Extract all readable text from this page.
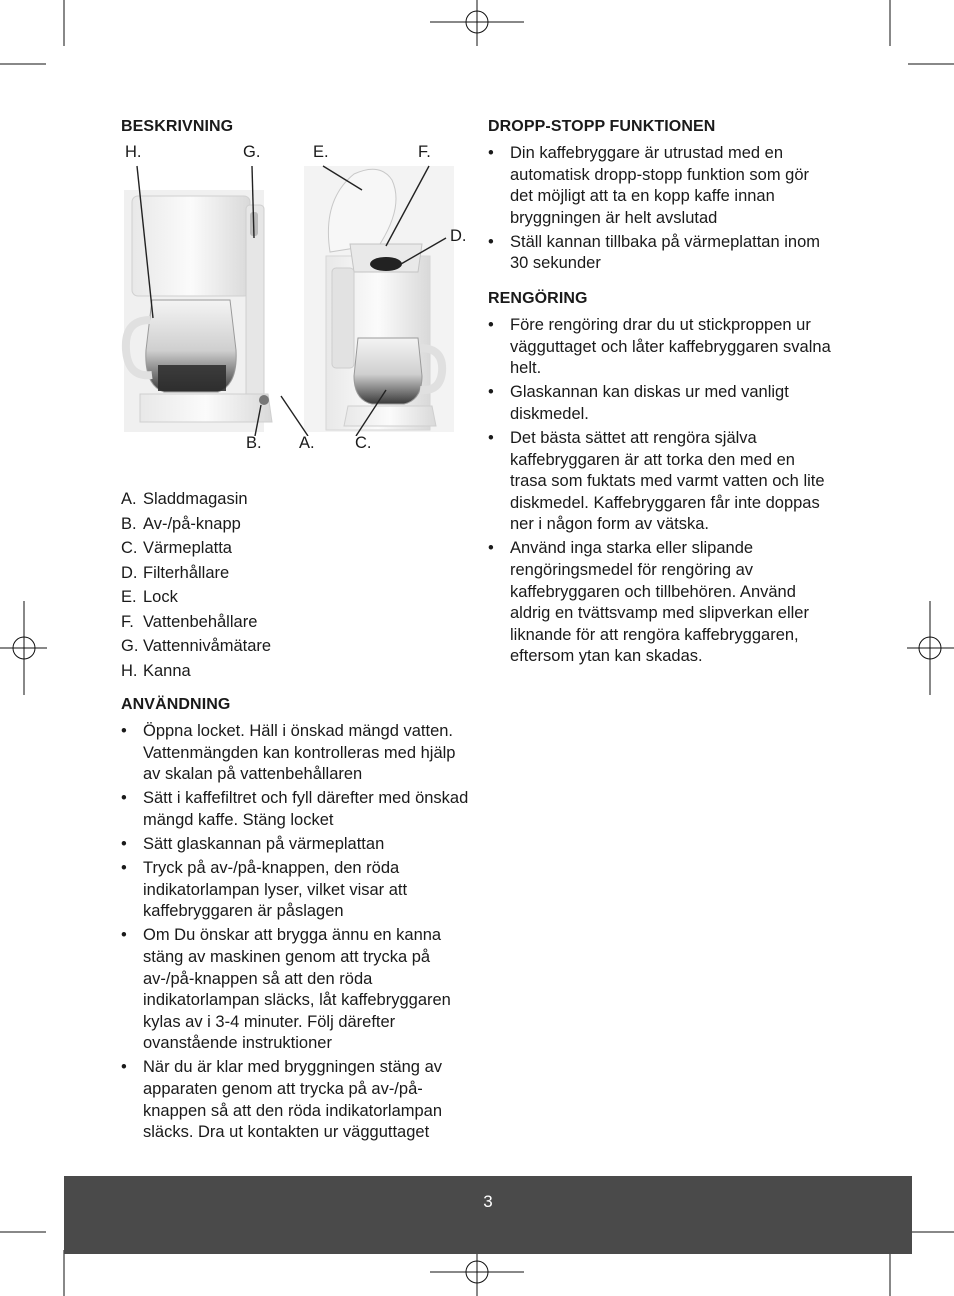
BESKRIVNING
H.	G.	E.	F.
D.
B. A. C.
A. Sladdmagasin
B. Av-/på-knapp
C. Värmeplatta
D. Filterhållare
E. Lock
F. Vattenbehållare
G. Vattennivåmätare
H. Kanna
ANVÄNDNING
• Öppna locket. Häll i önskad mängd vatten. Vattenmängden kan kontrolleras med hjälp av skalan på vattenbehållaren
• Sätt i kaffefiltret och fyll därefter med önskad mängd kaffe. Stäng locket
• Sätt glaskannan på värmeplattan
• Tryck på av-/på-knappen, den röda indikatorlampan lyser, vilket visar att kaffebryggaren är påslagen
• Om Du önskar att brygga ännu en kanna stäng av maskinen genom att trycka på av-/på-knappen så att den röda indikatorlampan släcks, låt kaffebryggaren kylas av i 3-4 minuter. Följ därefter ovanstående instruktioner
• När du är klar med bryggningen stäng av apparaten genom att trycka på av-/på-knappen så att den röda indikatorlampan släcks. Dra ut kontakten ur vägguttaget
DROPP-STOPP FUNKTIONEN
• Din kaffebryggare är utrustad med en automatisk dropp-stopp funktion som gör det möjligt att ta en kopp kaffe innan bryggningen är helt avslutad
• Ställ kannan tillbaka på värmeplattan inom 30 sekunder
RENGÖRING
• Före rengöring drar du ut stickproppen ur vägguttaget och låter kaffebryggaren svalna helt.
• Glaskannan kan diskas ur med vanligt diskmedel.
• Det bästa sättet att rengöra själva kaffebryggaren är att torka den med en trasa som fuktats med varmt vatten och lite diskmedel. Kaffebryggaren får inte doppas ner i någon form av vätska.
• Använd inga starka eller slipande rengöringsmedel för rengöring av kaffebryggaren och tillbehören. Använd aldrig en tvättsvamp med slipverkan eller liknande för att rengöra kaffebryggaren, eftersom ytan kan skadas.
3
